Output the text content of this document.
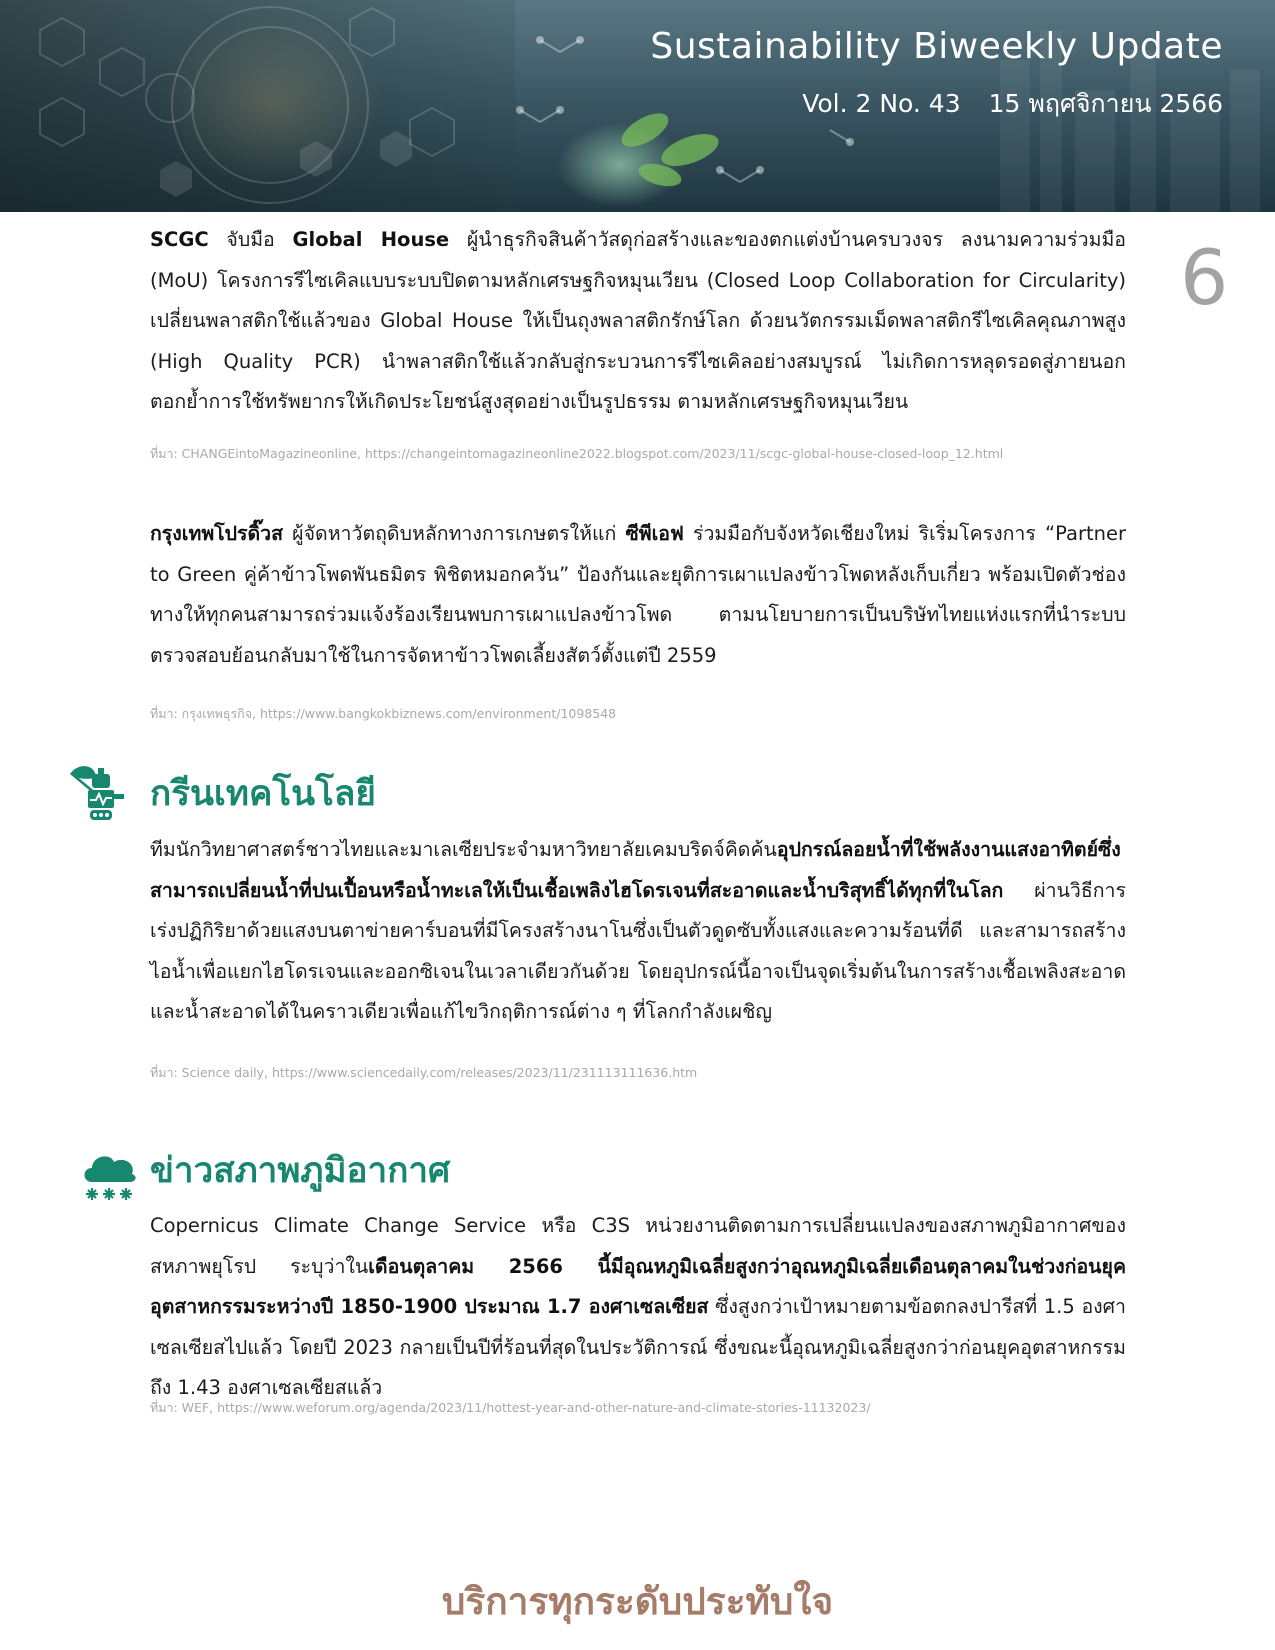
Sustainability Biweekly Update
Vol. 2 No. 43 15 พฤศจิกายน 2566
6
SCGC จับมือ Global House ผู้นำธุรกิจสินค้าวัสดุก่อสร้างและของตกแต่งบ้านครบวงจร ลงนามความร่วมมือ (MoU) โครงการรีไซเคิลแบบระบบปิดตามหลักเศรษฐกิจหมุนเวียน (Closed Loop Collaboration for Circularity) เปลี่ยนพลาสติกใช้แล้วของ Global House ให้เป็นถุงพลาสติกรักษ์โลก ด้วยนวัตกรรมเม็ดพลาสติกรีไซเคิลคุณภาพสูง (High Quality PCR) นำพลาสติกใช้แล้วกลับสู่กระบวนการรีไซเคิลอย่างสมบูรณ์ ไม่เกิดการหลุดรอดสู่ภายนอก ตอกย้ำการใช้ทรัพยากรให้เกิดประโยชน์สูงสุดอย่างเป็นรูปธรรม ตามหลักเศรษฐกิจหมุนเวียน
ที่มา: CHANGEintoMagazineonline, https://changeintomagazineonline2022.blogspot.com/2023/11/scgc-global-house-closed-loop_12.html
กรุงเทพโปรดิ๊วส ผู้จัดหาวัตถุดิบหลักทางการเกษตรให้แก่ ซีพีเอฟ ร่วมมือกับจังหวัดเชียงใหม่ ริเริ่มโครงการ “Partner to Green คู่ค้าข้าวโพดพันธมิตร พิชิตหมอกควัน” ป้องกันและยุติการเผาแปลงข้าวโพดหลังเก็บเกี่ยว พร้อมเปิดตัวช่องทางให้ทุกคนสามารถร่วมแจ้งร้องเรียนพบการเผาแปลงข้าวโพด ตามนโยบายการเป็นบริษัทไทยแห่งแรกที่นำระบบตรวจสอบย้อนกลับมาใช้ในการจัดหาข้าวโพดเลี้ยงสัตว์ตั้งแต่ปี 2559
ที่มา: กรุงเทพธุรกิจ, https://www.bangkokbiznews.com/environment/1098548
กรีนเทคโนโลยี
ทีมนักวิทยาศาสตร์ชาวไทยและมาเลเซียประจำมหาวิทยาลัยเคมบริดจ์คิดค้นอุปกรณ์ลอยน้ำที่ใช้พลังงานแสงอาทิตย์ซึ่งสามารถเปลี่ยนน้ำที่ปนเปื้อนหรือน้ำทะเลให้เป็นเชื้อเพลิงไฮโดรเจนที่สะอาดและน้ำบริสุทธิ์ได้ทุกที่ในโลก ผ่านวิธีการเร่งปฏิกิริยาด้วยแสงบนตาข่ายคาร์บอนที่มีโครงสร้างนาโนซึ่งเป็นตัวดูดซับทั้งแสงและความร้อนที่ดี และสามารถสร้างไอน้ำเพื่อแยกไฮโดรเจนและออกซิเจนในเวลาเดียวกันด้วย โดยอุปกรณ์นี้อาจเป็นจุดเริ่มต้นในการสร้างเชื้อเพลิงสะอาดและน้ำสะอาดได้ในคราวเดียวเพื่อแก้ไขวิกฤติการณ์ต่าง ๆ ที่โลกกำลังเผชิญ
ที่มา: Science daily, https://www.sciencedaily.com/releases/2023/11/231113111636.htm
ข่าวสภาพภูมิอากาศ
Copernicus Climate Change Service หรือ C3S หน่วยงานติดตามการเปลี่ยนแปลงของสภาพภูมิอากาศของสหภาพยุโรป ระบุว่าในเดือนตุลาคม 2566 นี้มีอุณหภูมิเฉลี่ยสูงกว่าอุณหภูมิเฉลี่ยเดือนตุลาคมในช่วงก่อนยุคอุตสาหกรรมระหว่างปี 1850-1900 ประมาณ 1.7 องศาเซลเซียส ซึ่งสูงกว่าเป้าหมายตามข้อตกลงปารีสที่ 1.5 องศาเซลเซียสไปแล้ว โดยปี 2023 กลายเป็นปีที่ร้อนที่สุดในประวัติการณ์ ซึ่งขณะนี้อุณหภูมิเฉลี่ยสูงกว่าก่อนยุคอุตสาหกรรมถึง 1.43 องศาเซลเซียสแล้ว
ที่มา: WEF, https://www.weforum.org/agenda/2023/11/hottest-year-and-other-nature-and-climate-stories-11132023/
บริการทุกระดับประทับใจ
